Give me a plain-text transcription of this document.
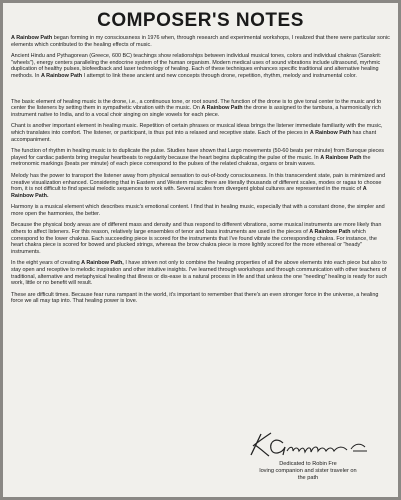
COMPOSER'S NOTES

A Rainbow Path began forming in my consciousness in 1976 when, through research and experimental workshops, I realized that there were particular sonic elements which contributed to the healing effects of music.

Ancient Hindu and Pythagorean (Greece, 600 BC) teachings show relationships between individual musical tones, colors and individual chakras (Sanskrit: "wheels"), energy centers paralleling the endocrine system of the human organism. Modern medical uses of sound vibrations include ultrasound, myrhmic duplication of healthy pulses, biofeedback and laser technology of healing. Each of these techniques enhances specific traditional and alternative healing methods. In A Rainbow Path I attempt to link these ancient and new concepts through drone, repetition, rhythm, melody and instrumental color.

The basic element of healing music is the drone, i.e., a continuous tone, or root sound. The function of the drone is to give tonal center to the music and to center the listeners by setting them in sympathetic vibration with the music. On A Rainbow Path the drone is assigned to the tambura, a harmonically rich instrument native to India, and to a vocal choir singing on single vowels for each piece.

Chant is another important element in healing music. Repetition of certain phrases or musical ideas brings the listener immediate familiarity with the music, which translates into comfort. The listener, or participant, is thus put into a relaxed and receptive state. Each of the pieces in A Rainbow Path has chant accompaniment.

The function of rhythm in healing music is to duplicate the pulse. Studies have shown that Largo movements (50-60 beats per minute) from Baroque pieces played for cardiac patients bring irregular heartbeats to regularity because the heart begins duplicating the pulse of the music. In A Rainbow Path the metronomic markings (beats per minute) of each piece correspond to the pulses of the related chakras, organs or brain waves.

Melody has the power to transport the listener away from physical sensation to out-of-body consciousness. In this transcendent state, pain is minimized and creative visualization enhanced. Considering that in Eastern and Western music there are literally thousands of different scales, modes or ragas to choose from, it is not difficult to find special melodic sequences to work with. Several scales from divergent global cultures are represented in the music of A Rainbow Path.

Harmony is a musical element which describes music's emotional content. I find that in healing music, especially that with a constant drone, the simpler and more open the harmonies, the better.

Because the physical body areas are of different mass and density and thus respond to different vibrations, some musical instruments are more likely than others to affect listeners. For this reason, relatively large ensembles of tenor and bass instruments are used in the pieces of A Rainbow Path which correspond to the lower chakras. Each succeeding piece is scored for the instruments that I've found vibrate the corresponding chakra. For instance, the heart chakra piece is scored for bowed and plucked strings, whereas the brow chakra piece is more lightly scored for the more ethereal or "heady" instruments.

In the eight years of creating A Rainbow Path, I have striven not only to combine the healing properties of all the above elements into each piece but also to stay open and receptive to melodic inspiration and other intuitive insights. I've learned through workshops and through communication with other teachers of traditional, alternative and metaphysical healing that illness or dis-ease is a natural process in life and that unless the one "needing" healing is ready for such work, little or no benefit will result.

These are difficult times. Because fear runs rampant in the world, it's important to remember that there's an even stronger force in the universe, a healing force we all may tap into. That healing power is love.

Dedicated to Robin Fre
loving companion and sister traveler on
the path
